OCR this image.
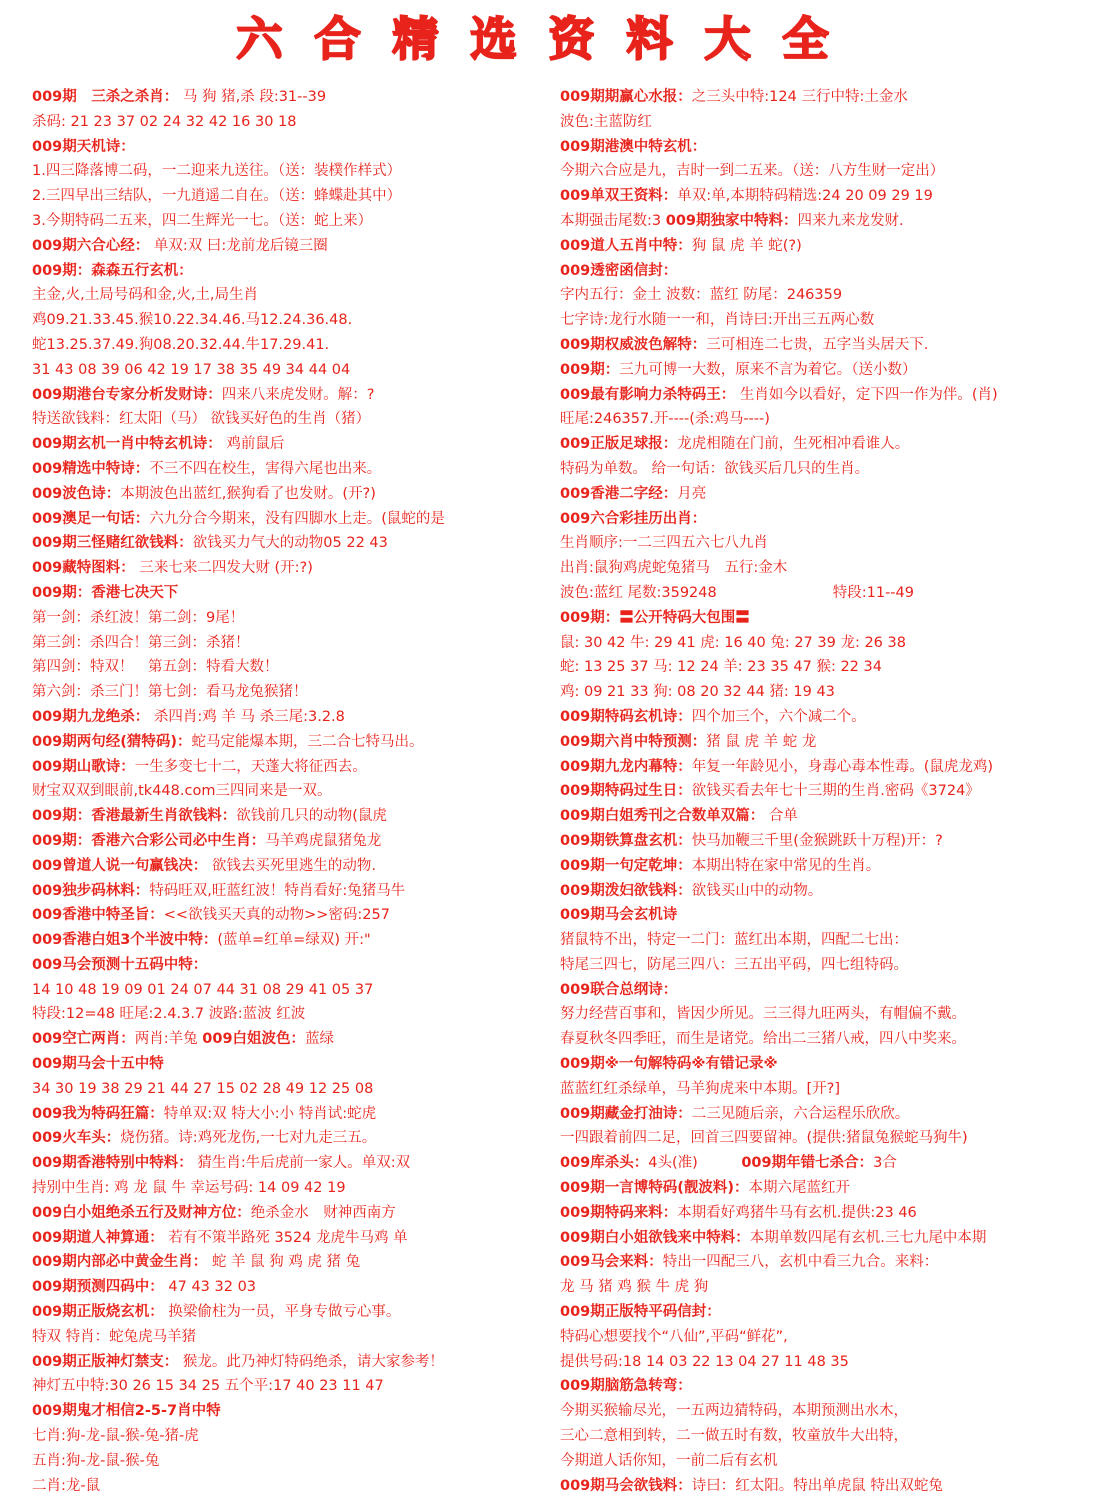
六合精选资料大全
009期　三杀之杀肖： 马 狗 猪,杀 段:31--39
杀码: 21 23 37 02 24 32 42 16 30 18
009期天机诗：
1.四三降落博二码，一二迎来九送往。（送：装樸作样式）
2.三四早出三结队，一九逍遥二自在。（送：蜂蝶赴其中）
3.今期特码二五来，四二生辉光一七。（送：蛇上来）
009期六合心经： 单双:双 曰:龙前龙后镜三圈
009期：森森五行玄机：
主金,火,土局号码和金,火,土,局生肖
鸡09.21.33.45.猴10.22.34.46.马12.24.36.48.
蛇13.25.37.49.狗08.20.32.44.牛17.29.41.
31 43 08 39 06 42 19 17 38 35 49 34 44 04
009期港台专家分析发财诗：四来八来虎发财。解：?
特送欲钱料：红太阳（马） 欲钱买好色的生肖（猪）
009期玄机一肖中特玄机诗： 鸡前鼠后
009精选中特诗：不三不四在校生，害得六尾也出来。
009波色诗：本期波色出蓝红,猴狗看了也发财。(开?)
009澳足一句话：六九分合今期来，没有四脚水上走。(鼠蛇的是
009期三怪赌红欲钱料：欲钱买力气大的动物05 22 43
009藏特图料： 三来七来二四发大财 (开:?)
009期：香港七决天下
第一剑：杀红波！第二剑：9尾！
第三剑：杀四合！第三剑：杀猪！
第四剑：特双！　第五剑：特看大数！
第六剑：杀三门！第七剑：看马龙兔猴猪！
009期九龙绝杀： 杀四肖:鸡 羊 马 杀三尾:3.2.8
009期两句经(猜特码)：蛇马定能爆本期，三二合七特马出。
009期山歌诗：一生多变七十二，天蓬大将征西去。
财宝双双到眼前,tk448.com三四同来是一双。
009期：香港最新生肖欲钱料：欲钱前几只的动物(鼠虎
009期：香港六合彩公司必中生肖：马羊鸡虎鼠猪兔龙
009曾道人说一句赢钱决： 欲钱去买死里逃生的动物.
009独步码林料：特码旺双,旺蓝红波！特肖看好:兔猪马牛
009香港中特圣旨：<<欲钱买天真的动物>>密码:257
009香港白姐3个半波中特：(蓝单=红单=绿双) 开:"
009马会预测十五码中特：
14 10 48 19 09 01 24 07 44 31 08 29 41 05 37
特段:12=48 旺尾:2.4.3.7 波路:蓝波 红波
009空亡两肖：两肖:羊兔 009白姐波色：蓝绿
009期马会十五中特
34 30 19 38 29 21 44 27 15 02 28 49 12 25 08
009我为特码狂篇：特单双:双 特大小:小 特肖试:蛇虎
009火车头：烧伤猪。诗:鸡死龙伤,一七对九走三五。
009期香港特别中特料： 猜生肖:牛后虎前一家人。单双:双
持别中生肖: 鸡 龙 鼠 牛 幸运号码: 14 09 42 19
009白小姐绝杀五行及财神方位：绝杀金水　财神西南方
009期道人神算通： 若有不策半路死 3524 龙虎牛马鸡 单
009期内部必中黄金生肖： 蛇 羊 鼠 狗 鸡 虎 猪 兔
009期预测四码中： 47 43 32 03
009期正版烧玄机： 换梁偷柱为一员，平身专做亏心事。
特双 特肖：蛇兔虎马羊猪
009期正版神灯禁支： 猴龙。此乃神灯特码绝杀，请大家参考！
神灯五中特:30 26 15 34 25 五个平:17 40 23 11 47
009期鬼才相信2-5-7肖中特
七肖:狗-龙-鼠-猴-兔-猪-虎
五肖:狗-龙-鼠-猴-兔
二肖:龙-鼠
009期期赢心水报：之三头中特:124 三行中特:土金水
波色:主蓝防红
009期港澳中特玄机：
今期六合应是九，吉时一到二五来。（送：八方生财一定出）
009单双王资料：单双:单,本期特码精选:24 20 09 29 19
本期强击尾数:3 009期独家中特料：四来九来龙发财.
009道人五肖中特：狗 鼠 虎 羊 蛇(?)
009透密函信封：
字内五行：金土 波数：蓝红 防尾：246359
七字诗:龙行水随一一和，肖诗曰:开出三五两心数
009期权威波色解特：三可相连二七贵，五字当头居天下.
009期：三九可博一大数，原来不言为着它。（送小数）
009最有影响力杀特码王： 生肖如今以看好，定下四一作为伴。(肖)
旺尾:246357.开----(杀:鸡马----)
009正版足球报：龙虎相随在门前，生死相冲看谁人。
特码为单数。 给一句话：欲钱买后几只的生肖。
009香港二字经：月亮
009六合彩挂历出肖：
生肖顺序:一二三四五六七八九肖
出肖:鼠狗鸡虎蛇兔猪马　五行:金木
波色:蓝红 尾数:359248　　　　　　　　特段:11--49
009期：〓公开特码大包围〓
鼠: 30 42 牛: 29 41 虎: 16 40 兔: 27 39 龙: 26 38
蛇: 13 25 37 马: 12 24 羊: 23 35 47 猴: 22 34
鸡: 09 21 33 狗: 08 20 32 44 猪: 19 43
009期特码玄机诗：四个加三个，六个减二个。
009期六肖中特预测：猪 鼠 虎 羊 蛇 龙
009期九龙内幕特：年复一年龄见小，身毒心毒本性毒。(鼠虎龙鸡)
009期特码过生日：欲钱买看去年七十三期的生肖.密码《3724》
009期白姐秀刊之合数单双篇： 合单
009期铁算盘玄机：快马加鞭三千里(金猴跳跃十万程)开：?
009期一句定乾坤：本期出特在家中常见的生肖。
009期泼妇欲钱料：欲钱买山中的动物。
009期马会玄机诗
猪鼠特不出，特定一二门：蓝红出本期，四配二七出：
特尾三四七，防尾三四八：三五出平码，四七组特码。
009联合总纲诗：
努力经营百事和，皆因少所见。三三得九旺两头，有帽偏不戴。
春夏秋冬四季旺，而生是诸党。给出二三猪八戒，四八中奖来。
009期※一句解特码※有错记录※
蓝蓝红红杀绿单，马羊狗虎来中本期。[开?]
009期藏金打油诗：二三见随后亲，六合运程乐欣欣。
一四跟着前四二足，回首三四要留神。(提供:猪鼠兔猴蛇马狗牛)
009库杀头：4头(准)　　　009期年错七杀合：3合
009期一言博特码(靓波料)：本期六尾蓝红开
009期特码来料：本期看好鸡猪牛马有玄机.提供:23 46
009期白小姐欲钱来中特料：本期单数四尾有玄机.三七九尾中本期
009马会来料：特出一四配三八，玄机中看三九合。来料：
龙 马 猪 鸡 猴 牛 虎 狗
009期正版特平码信封：
特码心想要找个“八仙”,平码“鲜花”,
提供号码:18 14 03 22 13 04 27 11 48 35
009期脑筋急转弯：
今期买猴输尽光，一五两边猜特码，本期预测出水木，
三心二意相到转，二一做五时有数，牧童放牛大出特，
今期道人话你知，一前二后有玄机
009期马会欲钱料：诗曰：红太阳。特出单虎鼠 特出双蛇兔
